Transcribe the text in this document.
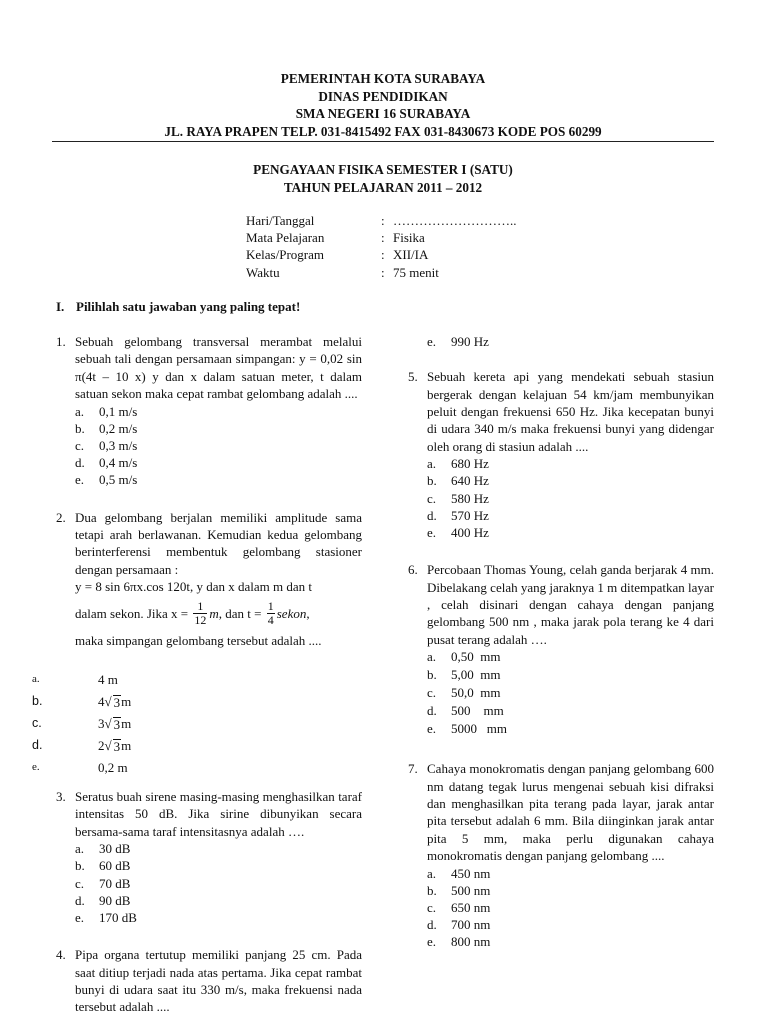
PEMERINTAH KOTA SURABAYA
DINAS PENDIDIKAN
SMA NEGERI 16 SURABAYA
JL. RAYA PRAPEN TELP. 031-8415492 FAX 031-8430673 KODE POS 60299
PENGAYAAN FISIKA SEMESTER I (SATU)
TAHUN PELAJARAN 2011 – 2012
Hari/Tanggal	: ………………………..
Mata Pelajaran	: Fisika
Kelas/Program	: XII/IA
Waktu	: 75 menit
I. Pilihlah satu jawaban yang paling tepat!
1. Sebuah gelombang transversal merambat melalui sebuah tali dengan persamaan simpangan: y = 0,02 sin π(4t – 10 x) y dan x dalam satuan meter, t dalam satuan sekon maka cepat rambat gelombang adalah ....
a.	0,1 m/s
b.	0,2 m/s
c.	0,3 m/s
d.	0,4 m/s
e.	0,5 m/s
2. Dua gelombang berjalan memiliki amplitude sama tetapi arah berlawanan. Kemudian kedua gelombang berinterferensi membentuk gelombang stasioner dengan persamaan :
y = 8 sin 6πx.cos 120t, y dan x dalam m dan t
dalam sekon. Jika x =
$\frac{1}{12}$ m , dan t =
$\frac{1}{4}$ sekon ,
maka simpangan gelombang tersebut adalah ....
a.	4 m
b.	4 √ 3 m
c.	3 √ 3 m
d.	2 √ 3 m
e.	0,2 m
3. Seratus buah sirene masing-masing menghasilkan taraf intensitas 50 dB. Jika sirine dibunyikan secara bersama-sama taraf intensitasnya adalah ….
a.	30 dB
b.	60 dB
c.	70 dB
d.	90 dB
e.	170 dB
4. Pipa organa tertutup memiliki panjang 25 cm. Pada saat ditiup terjadi nada atas pertama. Jika cepat rambat bunyi di udara saat itu 330 m/s, maka frekuensi nada tersebut adalah ....
e.	990 Hz
5. Sebuah kereta api yang mendekati sebuah stasiun bergerak dengan kelajuan 54 km/jam membunyikan peluit dengan frekuensi 650 Hz. Jika kecepatan bunyi di udara 340 m/s maka frekuensi bunyi yang didengar oleh orang di stasiun adalah ....
a.	680 Hz
b.	640 Hz
c.	580 Hz
d.	570 Hz
e.	400 Hz
6. Percobaan Thomas Young, celah ganda berjarak 4 mm. Dibelakang celah yang jaraknya 1 m ditempatkan layar , celah disinari dengan cahaya dengan panjang gelombang 500 nm , maka jarak pola terang ke 4 dari pusat terang adalah ….
a.	0,50  mm
b.	5,00  mm
c.	50,0  mm
d.	500    mm
e.	5000   mm
7. Cahaya monokromatis dengan panjang gelombang 600 nm datang tegak lurus mengenai sebuah kisi difraksi dan menghasilkan pita terang pada layar, jarak antar pita tersebut adalah 6 mm. Bila diinginkan jarak antar pita 5 mm, maka perlu digunakan cahaya monokromatis dengan panjang gelombang ....
a.	450 nm
b.	500 nm
c.	650 nm
d.	700 nm
e.	800 nm
